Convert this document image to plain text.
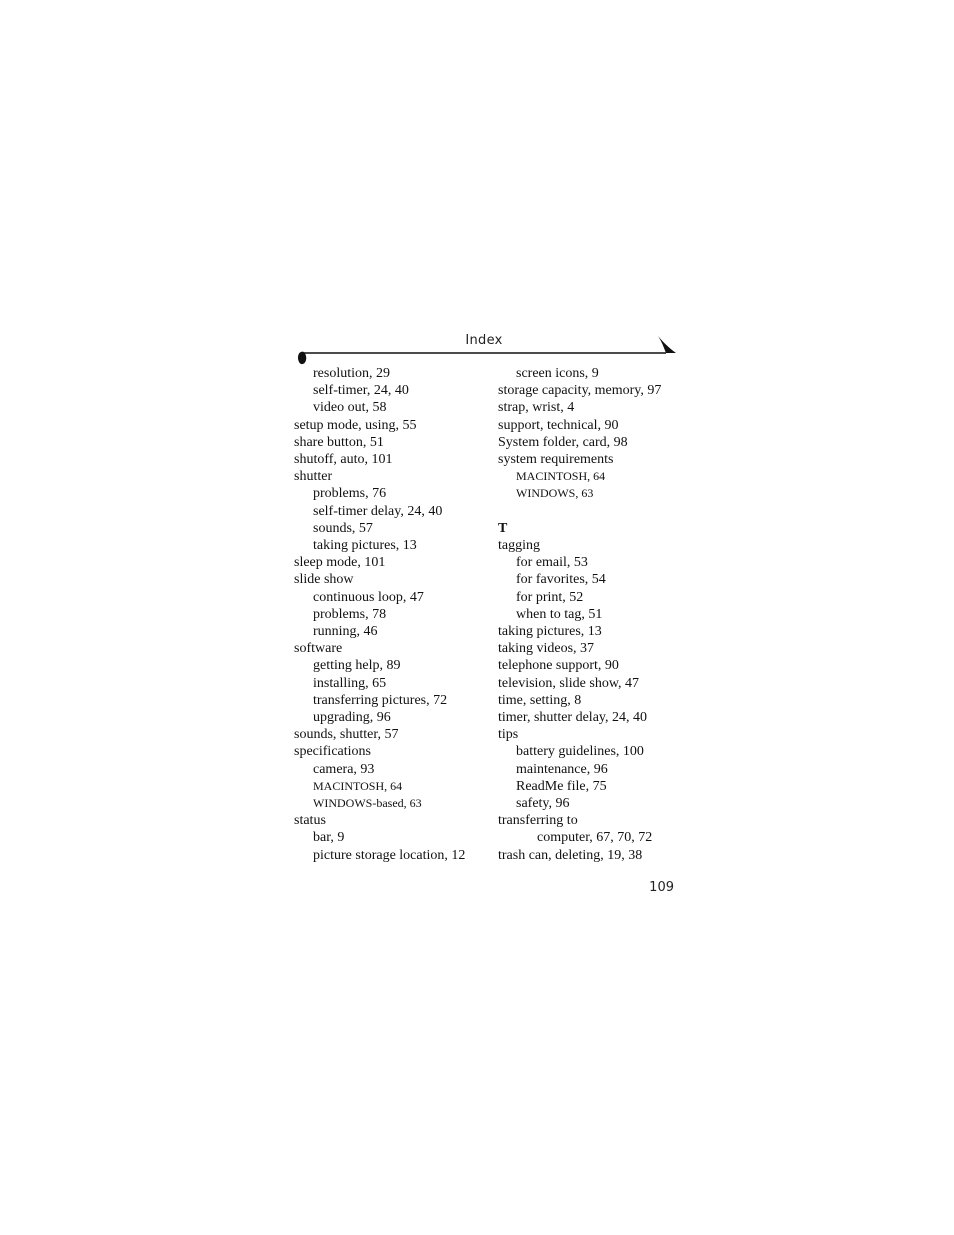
Index
resolution, 29
self-timer, 24, 40
video out, 58
setup mode, using, 55
share button, 51
shutoff, auto, 101
shutter
problems, 76
self-timer delay, 24, 40
sounds, 57
taking pictures, 13
sleep mode, 101
slide show
continuous loop, 47
problems, 78
running, 46
software
getting help, 89
installing, 65
transferring pictures, 72
upgrading, 96
sounds, shutter, 57
specifications
camera, 93
MACINTOSH, 64
WINDOWS-based, 63
status
bar, 9
picture storage location, 12
screen icons, 9
storage capacity, memory, 97
strap, wrist, 4
support, technical, 90
System folder, card, 98
system requirements
MACINTOSH, 64
WINDOWS, 63
T
tagging
for email, 53
for favorites, 54
for print, 52
when to tag, 51
taking pictures, 13
taking videos, 37
telephone support, 90
television, slide show, 47
time, setting, 8
timer, shutter delay, 24, 40
tips
battery guidelines, 100
maintenance, 96
ReadMe file, 75
safety, 96
transferring to
computer, 67, 70, 72
trash can, deleting, 19, 38
109
